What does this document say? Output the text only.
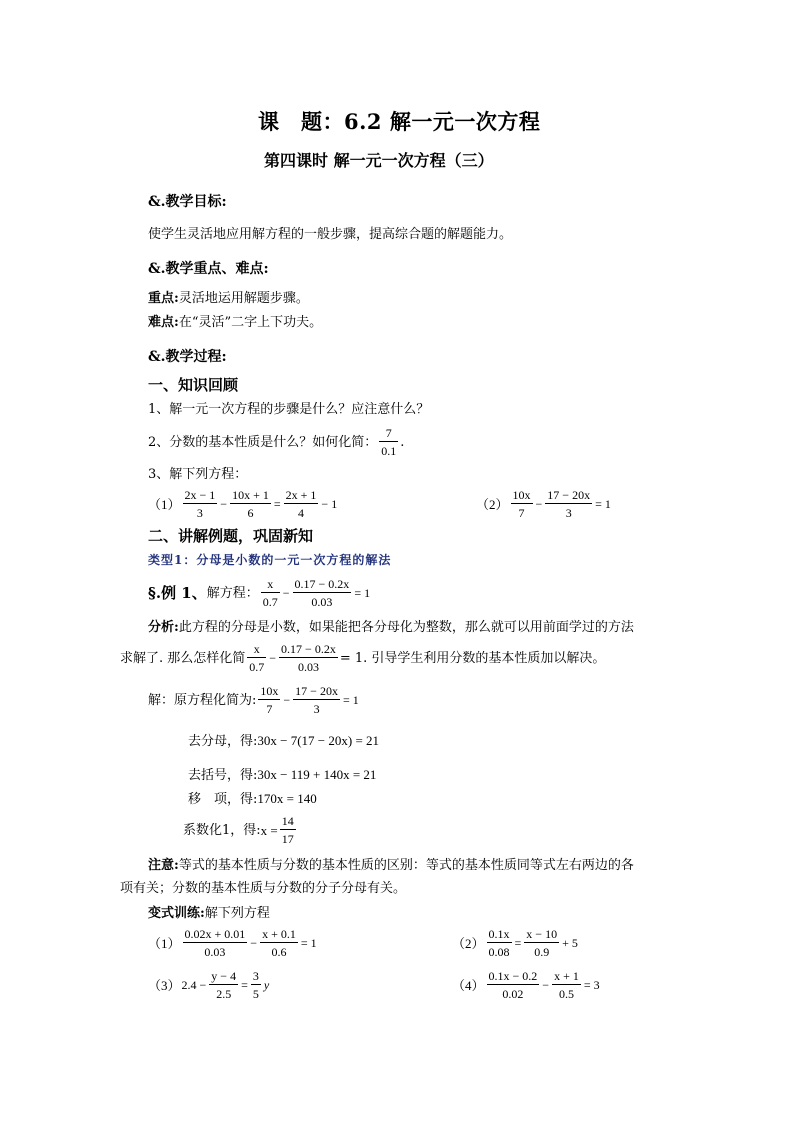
课　题：6.2 解一元一次方程
第四课时 解一元一次方程（三）
&.教学目标:
使学生灵活地应用解方程的一般步骤，提高综合题的解题能力。
&.教学重点、难点:
重点:灵活地运用解题步骤。
难点:在“灵活”二字上下功夫。
&.教学过程:
一、知识回顾
1、解一元一次方程的步骤是什么？应注意什么？
2、分数的基本性质是什么？如何化简： $\frac{7}{0.1}$ .
3、解下列方程：
$(1) \frac{2x - 1}{3} - \frac{10x + 1}{6} = \frac{2x + 1}{4} - 1$	$(2) \frac{10x}{7} - \frac{17 - 20x}{3} = 1$
二、讲解例题，巩固新知
类型1：分母是小数的一元一次方程的解法
§.例 1、 解方程： $\frac{x}{0.7} - \frac{0.17 - 0.2x}{0.03} = 1$
分析:此方程的分母是小数，如果能把各分母化为整数，那么就可以用前面学过的方法
求解了. 那么怎样化简 $\frac{x}{0.7} - \frac{0.17 - 0.2x}{0.03} = 1$. 引导学生利用分数的基本性质加以解决。
解：原方程化简为: $\frac{10x}{7} - \frac{17 - 20x}{3} = 1$
去分母，得:30x − 7(17 − 20x) = 21
去括号，得:30x − 119 + 140x = 21
移　项，得:170x = 140
系数化1，得: $x = \frac{14}{17}$
注意:等式的基本性质与分数的基本性质的区别：等式的基本性质同等式左右两边的各
项有关；分数的基本性质与分数的分子分母有关。
变式训练:解下列方程
$(1) \frac{0.02x + 0.01}{0.03} - \frac{x + 0.1}{0.6} = 1$	$(2) \frac{0.1x}{0.08} = \frac{x - 10}{0.9} + 5$
（3） $2.4 - \frac{y - 4}{2.5} = \frac{3}{5}$ y	$(4) \frac{0.1x - 0.2}{0.02} - \frac{x + 1}{0.5} = 3$
